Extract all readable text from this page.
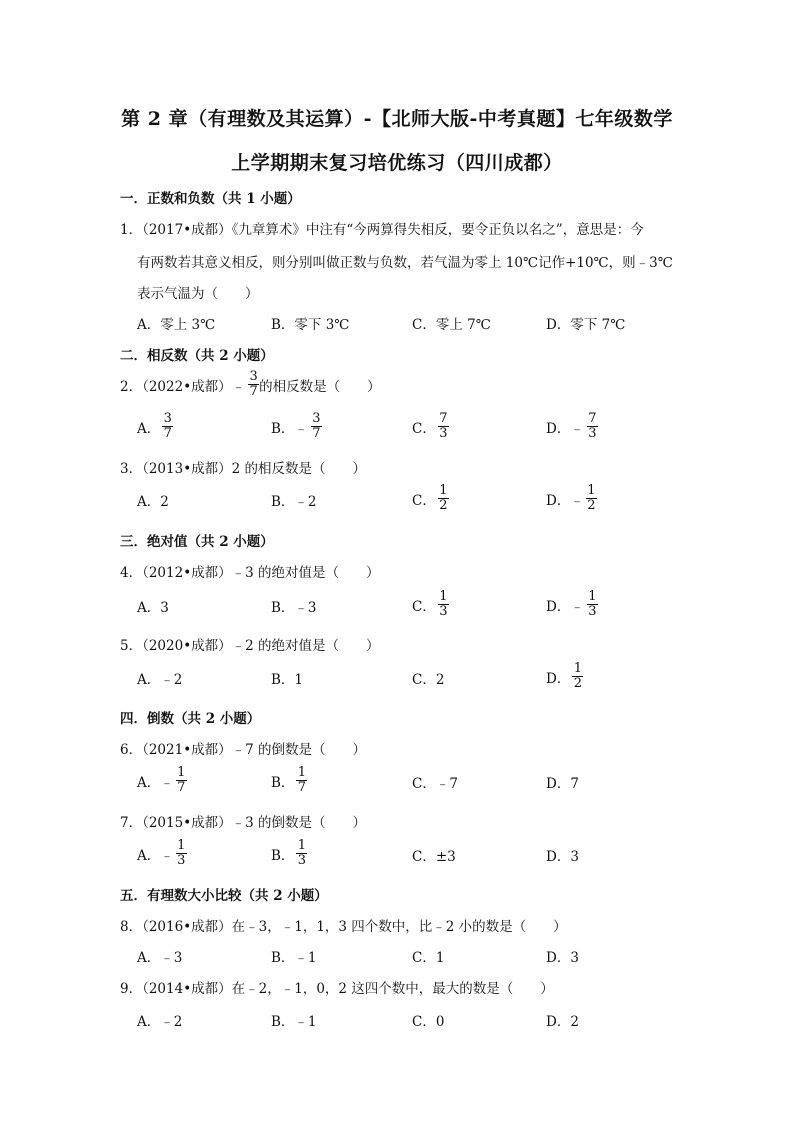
第 2 章（有理数及其运算）-【北师大版-中考真题】七年级数学
上学期期末复习培优练习（四川成都）
一．正数和负数（共 1 小题）
1．（2017•成都）《九章算术》中注有“今两算得失相反，要令正负以名之”，意思是：今
有两数若其意义相反，则分别叫做正数与负数，若气温为零上 10℃记作+10℃，则﹣3℃
表示气温为（　　）
A．零上 3℃	B．零下 3℃	C．零上 7℃	D．零下 7℃
二．相反数（共 2 小题）
2．（2022•成都） ﹣ $\frac{3}{7}$ 的相反数是（　　）
A． $\frac{3}{7}$	B． ﹣ $\frac{3}{7}$	C． $\frac{7}{3}$	D． ﹣ $\frac{7}{3}$
3．（2013•成都）2 的相反数是（　　）
A．2	B．﹣2	C． $\frac{1}{2}$	D．﹣ $\frac{1}{2}$
三．绝对值（共 2 小题）
4．（2012•成都）﹣3 的绝对值是（　　）
A．3	B．﹣3	C． $\frac{1}{3}$	D． ﹣ $\frac{1}{3}$
5．（2020•成都）﹣2 的绝对值是（　　）
A．﹣2	B．1	C．2	D． $\frac{1}{2}$
四．倒数（共 2 小题）
6．（2021•成都）﹣7 的倒数是（　　）
A．﹣ $\frac{1}{7}$	B． $\frac{1}{7}$	C．﹣7	D．7
7．（2015•成都）﹣3 的倒数是（　　）
A．﹣ $\frac{1}{3}$	B． $\frac{1}{3}$	C．±3	D．3
五．有理数大小比较（共 2 小题）
8．（2016•成都）在﹣3，﹣1，1，3 四个数中，比﹣2 小的数是（　　）
A．﹣3	B．﹣1	C．1	D．3
9．（2014•成都）在﹣2，﹣1，0，2 这四个数中，最大的数是（　　）
A．﹣2	B．﹣1	C．0	D．2
